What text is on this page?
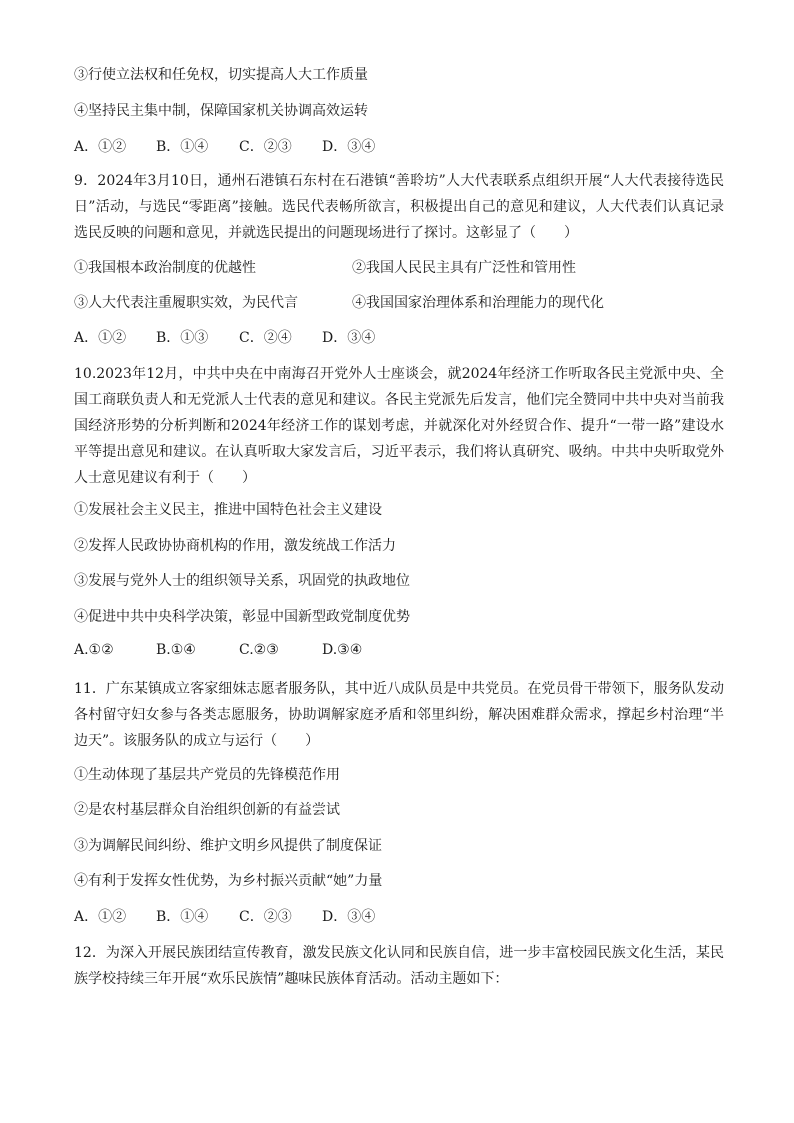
③行使立法权和任免权，切实提高人大工作质量
④坚持民主集中制，保障国家机关协调高效运转
A．①② B．①④ C．②③ D．③④
9．2024年3月10日，通州石港镇石东村在石港镇“善聆坊”人大代表联系点组织开展“人大代表接待选民日”活动，与选民“零距离”接触。选民代表畅所欲言，积极提出自己的意见和建议，人大代表们认真记录选民反映的问题和意见，并就选民提出的问题现场进行了探讨。这彰显了（　　）
①我国根本政治制度的优越性	②我国人民民主具有广泛性和管用性
③人大代表注重履职实效，为民代言	④我国国家治理体系和治理能力的现代化
A．①② B．①③ C．②④ D．③④
10.2023年12月，中共中央在中南海召开党外人士座谈会，就2024年经济工作听取各民主党派中央、全国工商联负责人和无党派人士代表的意见和建议。各民主党派先后发言，他们完全赞同中共中央对当前我国经济形势的分析判断和2024年经济工作的谋划考虑，并就深化对外经贸合作、提升“一带一路”建设水平等提出意见和建议。在认真听取大家发言后，习近平表示，我们将认真研究、吸纳。中共中央听取党外人士意见建议有利于（　　）
①发展社会主义民主，推进中国特色社会主义建设
②发挥人民政协协商机构的作用，激发统战工作活力
③发展与党外人士的组织领导关系，巩固党的执政地位
④促进中共中央科学决策，彰显中国新型政党制度优势
A.①②	B.①④	C.②③	D.③④
11．广东某镇成立客家细妹志愿者服务队，其中近八成队员是中共党员。在党员骨干带领下，服务队发动各村留守妇女参与各类志愿服务，协助调解家庭矛盾和邻里纠纷，解决困难群众需求，撑起乡村治理“半边天”。该服务队的成立与运行（　　）
①生动体现了基层共产党员的先锋模范作用
②是农村基层群众自治组织创新的有益尝试
③为调解民间纠纷、维护文明乡风提供了制度保证
④有利于发挥女性优势，为乡村振兴贡献“她”力量
A．①② B．①④ C．②③ D．③④
12．为深入开展民族团结宣传教育，激发民族文化认同和民族自信，进一步丰富校园民族文化生活，某民族学校持续三年开展“欢乐民族情”趣味民族体育活动。活动主题如下：
